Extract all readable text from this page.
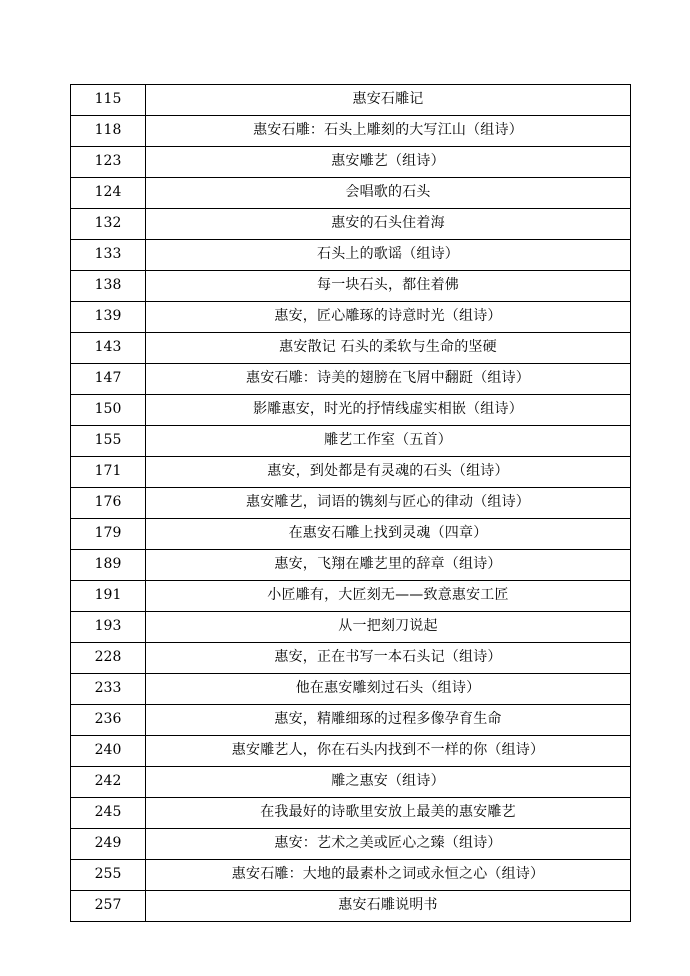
115	惠安石雕记
118	惠安石雕：石头上雕刻的大写江山（组诗）
123	惠安雕艺（组诗）
124	会唱歌的石头
132	惠安的石头住着海
133	石头上的歌谣（组诗）
138	每一块石头，都住着佛
139	惠安，匠心雕琢的诗意时光（组诗）
143	惠安散记 石头的柔软与生命的坚硬
147	惠安石雕：诗美的翅膀在飞屑中翻跹（组诗）
150	影雕惠安，时光的抒情线虚实相嵌（组诗）
155	雕艺工作室（五首）
171	惠安，到处都是有灵魂的石头（组诗）
176	惠安雕艺，词语的镌刻与匠心的律动（组诗）
179	在惠安石雕上找到灵魂（四章）
189	惠安，飞翔在雕艺里的辞章（组诗）
191	小匠雕有，大匠刻无——致意惠安工匠
193	从一把刻刀说起
228	惠安，正在书写一本石头记（组诗）
233	他在惠安雕刻过石头（组诗）
236	惠安，精雕细琢的过程多像孕育生命
240	惠安雕艺人，你在石头内找到不一样的你（组诗）
242	雕之惠安（组诗）
245	在我最好的诗歌里安放上最美的惠安雕艺
249	惠安：艺术之美或匠心之臻（组诗）
255	惠安石雕：大地的最素朴之词或永恒之心（组诗）
257	惠安石雕说明书
